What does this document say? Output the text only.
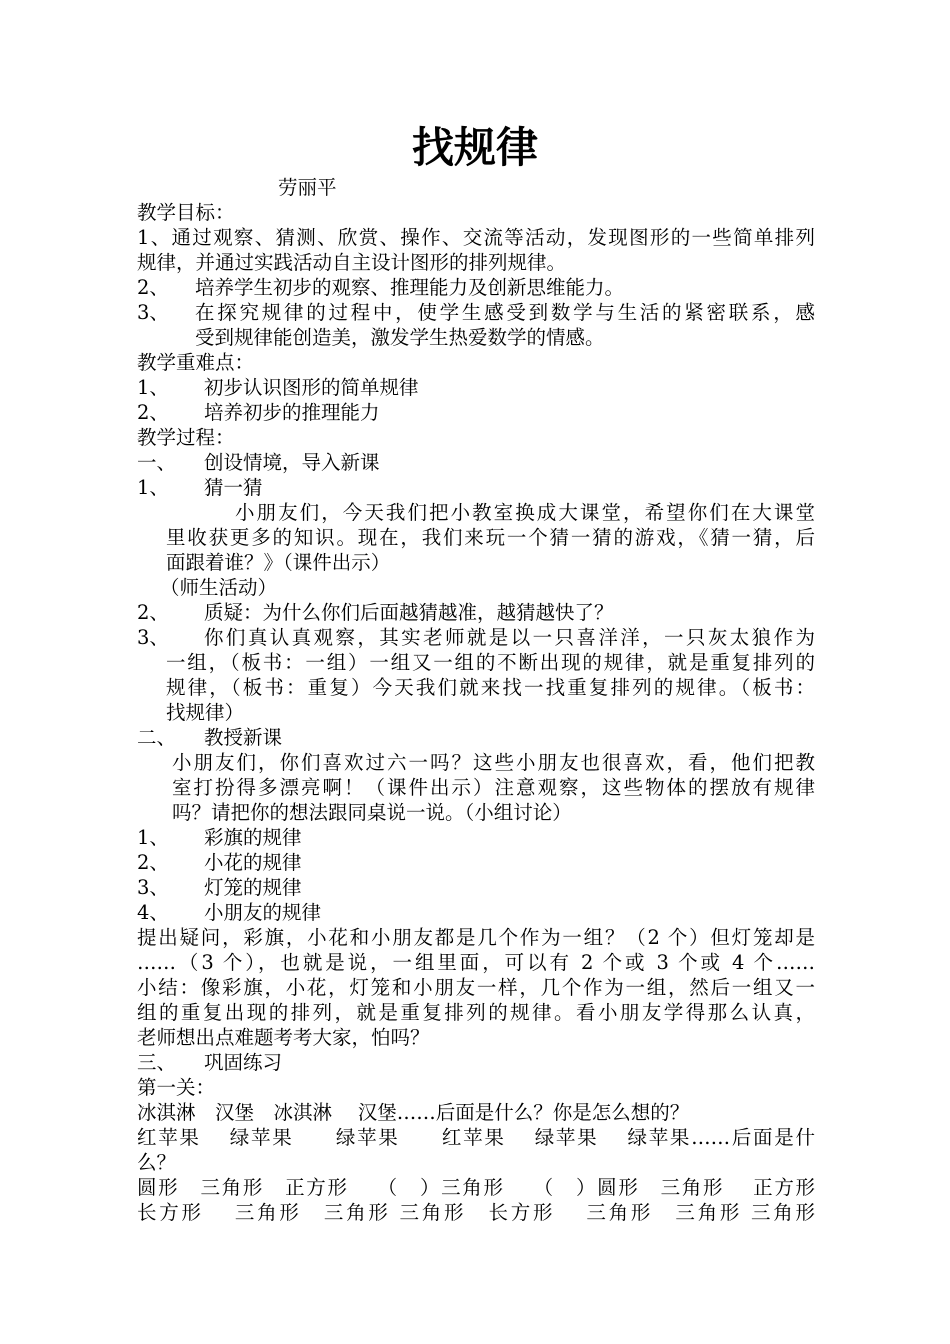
找规律
劳丽平
教学目标：
1、通过观察、猜测、欣赏、操作、交流等活动，发现图形的一些简单排列
规律，并通过实践活动自主设计图形的排列规律。
2、 培养学生初步的观察、推理能力及创新思维能力。
3、 在探究规律的过程中，使学生感受到数学与生活的紧密联系，感
受到规律能创造美，激发学生热爱数学的情感。
教学重难点：
1、 初步认识图形的简单规律
2、 培养初步的推理能力
教学过程：
一、 创设情境，导入新课
1、 猜一猜
小朋友们，今天我们把小教室换成大课堂，希望你们在大课堂
里收获更多的知识。现在，我们来玩一个猜一猜的游戏，《猜一猜，后
面跟着谁？》（课件出示）
（师生活动）
2、 质疑：为什么你们后面越猜越准，越猜越快了？
3、 你们真认真观察，其实老师就是以一只喜洋洋，一只灰太狼作为
一组，（板书：一组）一组又一组的不断出现的规律，就是重复排列的
规律，（板书：重复）今天我们就来找一找重复排列的规律。（板书：
找规律）
二、 教授新课
小朋友们，你们喜欢过六一吗？这些小朋友也很喜欢，看，他们把教
室打扮得多漂亮啊！（课件出示）注意观察，这些物体的摆放有规律
吗？请把你的想法跟同桌说一说。（小组讨论）
1、 彩旗的规律
2、 小花的规律
3、 灯笼的规律
4、 小朋友的规律
提出疑问，彩旗，小花和小朋友都是几个作为一组？（2 个）但灯笼却是
……（3 个），也就是说，一组里面，可以有 2 个或 3 个或 4 个……
小结：像彩旗，小花，灯笼和小朋友一样，几个作为一组，然后一组又一
组的重复出现的排列，就是重复排列的规律。看小朋友学得那么认真，
老师想出点难题考考大家，怕吗？
三、 巩固练习
第一关：
冰淇淋　汉堡　冰淇淋　 汉堡……后面是什么？你是怎么想的？
红苹果　 绿苹果　　绿苹果　　红苹果　 绿苹果　 绿苹果……后面是什
么？
圆形　三角形　正方形　 （　）三角形　 （　）圆形　三角形　 正方形
长方形　 三角形　三角形 三角形　长方形　 三角形　三角形 三角形
